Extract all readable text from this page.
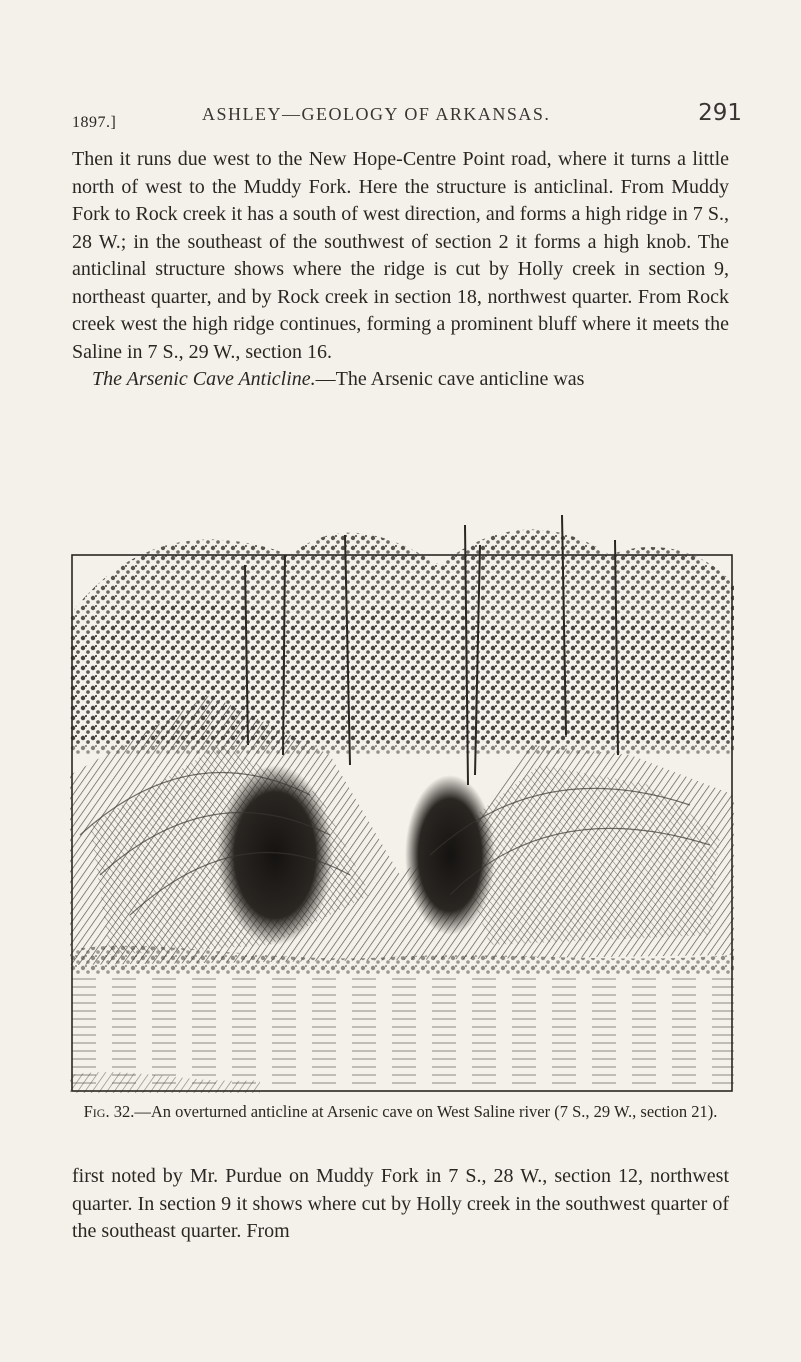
1897.]	ASHLEY—GEOLOGY OF ARKANSAS.	291

Then it runs due west to the New Hope-Centre Point road, where it turns a little north of west to the Muddy Fork. Here the structure is anticlinal. From Muddy Fork to Rock creek it has a south of west direction, and forms a high ridge in 7 S., 28 W.; in the southeast of the southwest of section 2 it forms a high knob. The anticlinal structure shows where the ridge is cut by Holly creek in section 9, northeast quarter, and by Rock creek in section 18, northwest quarter. From Rock creek west the high ridge continues, forming a prominent bluff where it meets the Saline in 7 S., 29 W., section 16.

 The Arsenic Cave Anticline.—The Arsenic cave anticline was

Fig. 32.—An overturned anticline at Arsenic cave on West Saline river (7 S., 29 W., section 21).

first noted by Mr. Purdue on Muddy Fork in 7 S., 28 W., section 12, northwest quarter. In section 9 it shows where cut by Holly creek in the southwest quarter of the southeast quarter. From
